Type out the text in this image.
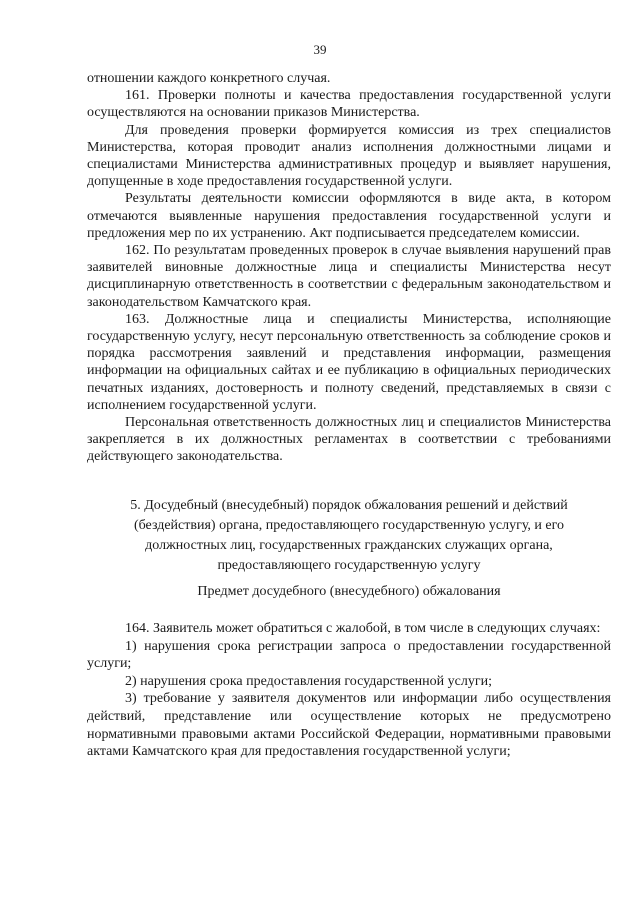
39

отношении каждого конкретного случая.

161. Проверки полноты и качества предоставления государственной услуги осуществляются на основании приказов Министерства.

Для проведения проверки формируется комиссия из трех специалистов Министерства, которая проводит анализ исполнения должностными лицами и специалистами Министерства административных процедур и выявляет нарушения, допущенные в ходе предоставления государственной услуги.

Результаты деятельности комиссии оформляются в виде акта, в котором отмечаются выявленные нарушения предоставления государственной услуги и предложения мер по их устранению. Акт подписывается председателем комиссии.

162. По результатам проведенных проверок в случае выявления нарушений прав заявителей виновные должностные лица и специалисты Министерства несут дисциплинарную ответственность в соответствии с федеральным законодательством и законодательством Камчатского края.

163. Должностные лица и специалисты Министерства, исполняющие государственную услугу, несут персональную ответственность за соблюдение сроков и порядка рассмотрения заявлений и представления информации, размещения информации на официальных сайтах и ее публикацию в официальных периодических печатных изданиях, достоверность и полноту сведений, представляемых в связи с исполнением государственной услуги.

Персональная ответственность должностных лиц и специалистов Министерства закрепляется в их должностных регламентах в соответствии с требованиями действующего законодательства.

5. Досудебный (внесудебный) порядок обжалования решений и действий

(бездействия) органа, предоставляющего государственную услугу, и его

должностных лиц, государственных гражданских служащих органа,

предоставляющего государственную услугу

Предмет досудебного (внесудебного) обжалования

164. Заявитель может обратиться с жалобой, в том числе в следующих случаях:

1) нарушения срока регистрации запроса о предоставлении государственной услуги;

2) нарушения срока предоставления государственной услуги;

3) требование у заявителя документов или информации либо осуществления действий, представление или осуществление которых не предусмотрено нормативными правовыми актами Российской Федерации, нормативными правовыми актами Камчатского края для предоставления государственной услуги;
